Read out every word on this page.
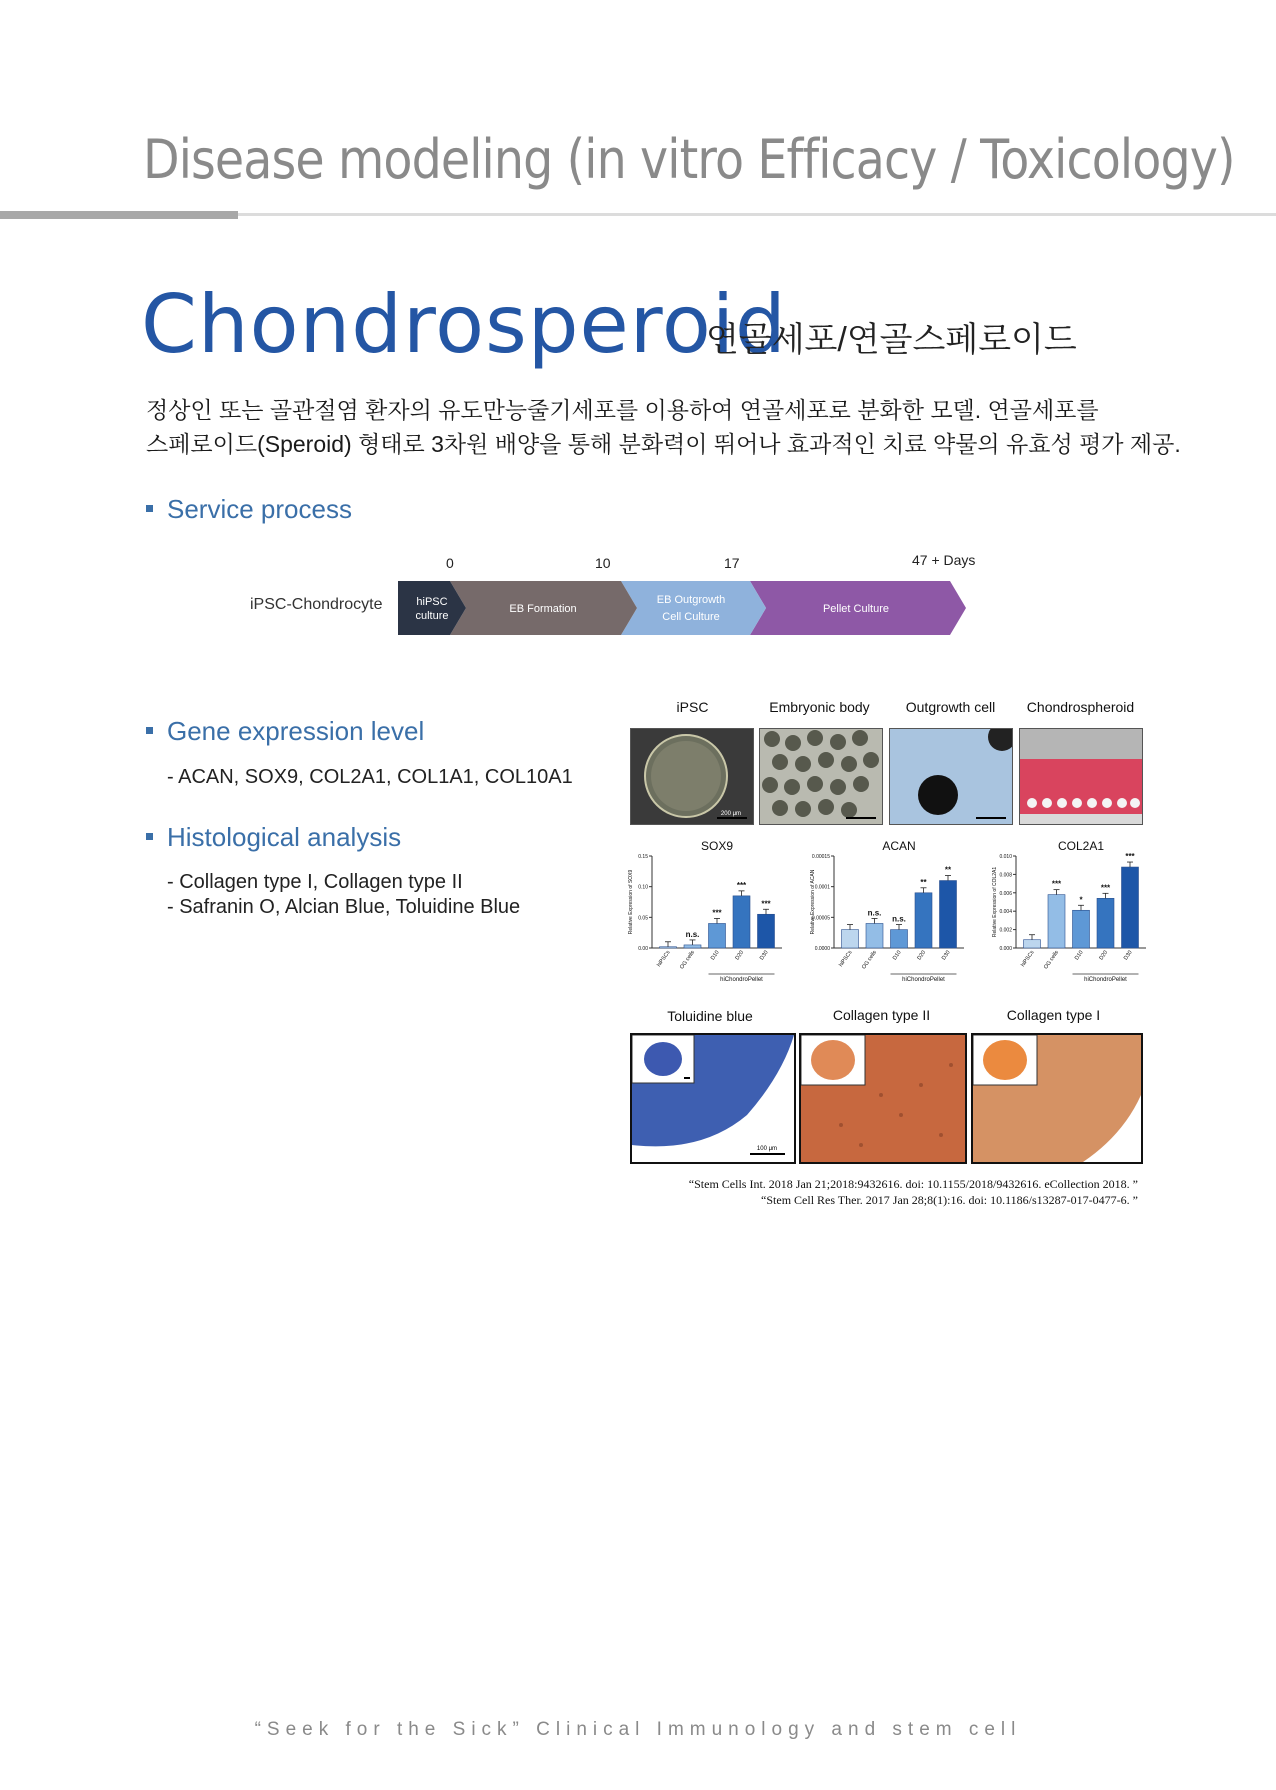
Disease modeling (in vitro Efficacy / Toxicology)
Chondrosperoid
연골세포/연골스페로이드
정상인 또는 골관절염 환자의 유도만능줄기세포를 이용하여 연골세포로 분화한 모델. 연골세포를
스페로이드(Speroid) 형태로 3차원 배양을 통해 분화력이 뛰어나 효과적인 치료 약물의 유효성 평가 제공.
Service process
0	10	17	47 + Days
iPSC-Chondrocyte	hiPSC
culture
EB Formation
EB Outgrowth
Cell Culture
Pellet Culture
Gene expression level
- ACAN, SOX9, COL2A1, COL1A1, COL10A1
Histological analysis
- Collagen type I, Collagen type II
- Safranin O, Alcian Blue, Toluidine Blue
iPSC	Embryonic body	Outgrowth cell	Chondrospheroid
200 μm
SOX9
0.00
0.05
0.10
0.15
Relative Expression of SOX9
hiPSCs
n.s.
OG cells
***
D10
***
D20
***
D30
hiChondroPellet
ACAN
0.0000
0.00005
0.0001
0.00015
Relative Expression of ACAN
hiPSCs
n.s.
OG cells
n.s.
D10
**
D20
**
D30
hiChondroPellet
COL2A1
0.000
0.002
0.004
0.006
0.008
0.010
Relative Expression of COL2A1
hiPSCs
***
OG cells
*
D10
***
D20
***
D30
hiChondroPellet
Toluidine blue	Collagen type II	Collagen type I
100 μm
“Stem Cells Int. 2018 Jan 21;2018:9432616. doi: 10.1155/2018/9432616. eCollection 2018. ”
“Stem Cell Res Ther. 2017 Jan 28;8(1):16. doi: 10.1186/s13287-017-0477-6. ”
“Seek for the Sick” Clinical Immunology and stem cell
